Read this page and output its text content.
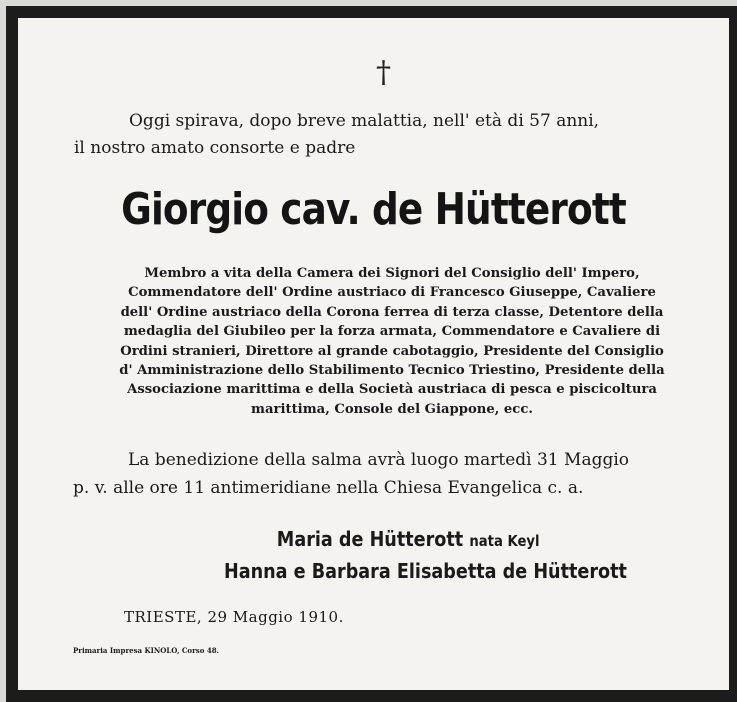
†
Oggi spirava, dopo breve malattia, nell' età di 57 anni,
il nostro amato consorte e padre
Giorgio cav. de Hütterott
Membro a vita della Camera dei Signori del Consiglio dell' Impero,
Commendatore dell' Ordine austriaco di Francesco Giuseppe, Cavaliere
dell' Ordine austriaco della Corona ferrea di terza classe, Detentore della
medaglia del Giubileo per la forza armata, Commendatore e Cavaliere di
Ordini stranieri, Direttore al grande cabotaggio, Presidente del Consiglio
d' Amministrazione dello Stabilimento Tecnico Triestino, Presidente della
Associazione marittima e della Società austriaca di pesca e piscicoltura
marittima, Console del Giappone, ecc.
La benedizione della salma avrà luogo martedì 31 Maggio
p. v. alle ore 11 antimeridiane nella Chiesa Evangelica c. a.
Maria de Hütterott nata Keyl
Hanna e Barbara Elisabetta de Hütterott
TRIESTE, 29 Maggio 1910.
Primaria Impresa KINOLO, Corso 48.
